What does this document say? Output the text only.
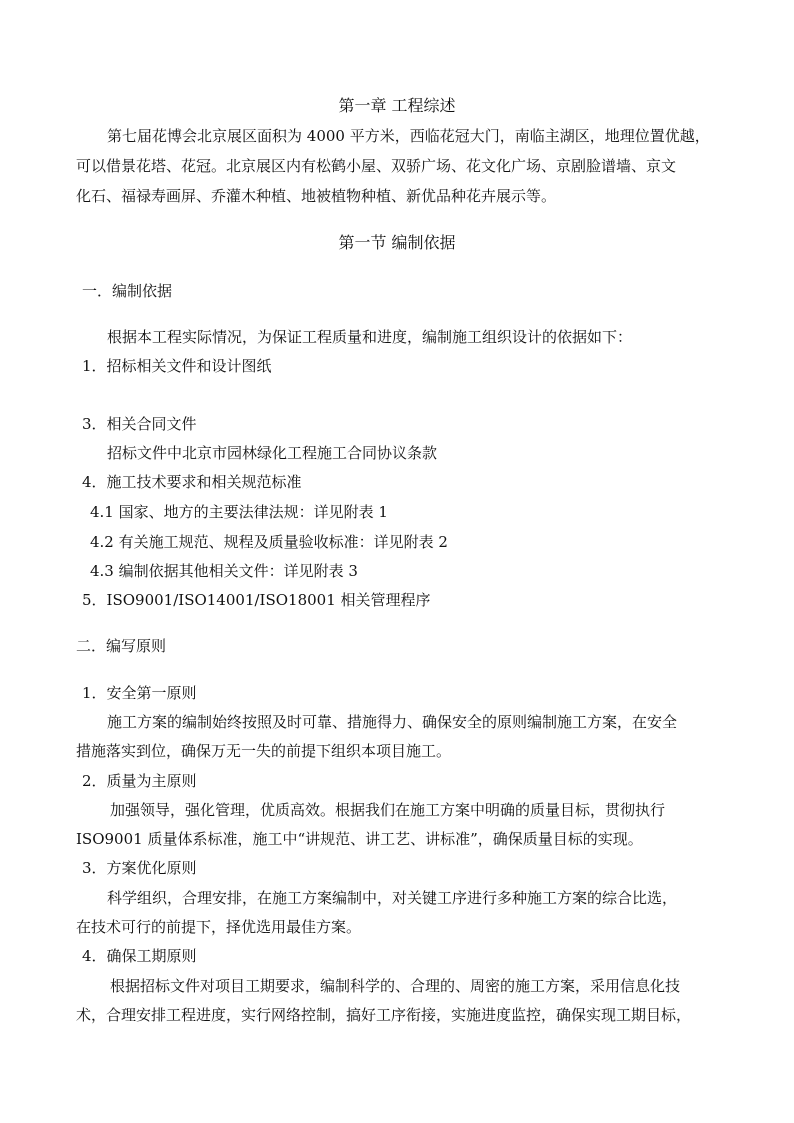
第一章 工程综述
第七届花博会北京展区面积为 4000 平方米，西临花冠大门，南临主湖区，地理位置优越，
可以借景花塔、花冠。北京展区内有松鹤小屋、双骄广场、花文化广场、京剧脸谱墙、京文
化石、福禄寿画屏、乔灌木种植、地被植物种植、新优品种花卉展示等。
第一节 编制依据
一．编制依据
根据本工程实际情况，为保证工程质量和进度，编制施工组织设计的依据如下：
1．招标相关文件和设计图纸
3．相关合同文件
招标文件中北京市园林绿化工程施工合同协议条款
4．施工技术要求和相关规范标准
4.1 国家、地方的主要法律法规：详见附表 1
4.2 有关施工规范、规程及质量验收标准：详见附表 2
4.3 编制依据其他相关文件：详见附表 3
5．ISO9001/ISO14001/ISO18001 相关管理程序
二．编写原则
1．安全第一原则
施工方案的编制始终按照及时可靠、措施得力、确保安全的原则编制施工方案，在安全
措施落实到位，确保万无一失的前提下组织本项目施工。
2．质量为主原则
加强领导，强化管理，优质高效。根据我们在施工方案中明确的质量目标，贯彻执行
ISO9001 质量体系标准，施工中“讲规范、讲工艺、讲标准”，确保质量目标的实现。
3．方案优化原则
科学组织，合理安排，在施工方案编制中，对关键工序进行多种施工方案的综合比选，
在技术可行的前提下，择优选用最佳方案。
4．确保工期原则
根据招标文件对项目工期要求，编制科学的、合理的、周密的施工方案，采用信息化技
术，合理安排工程进度，实行网络控制，搞好工序衔接，实施进度监控，确保实现工期目标，
